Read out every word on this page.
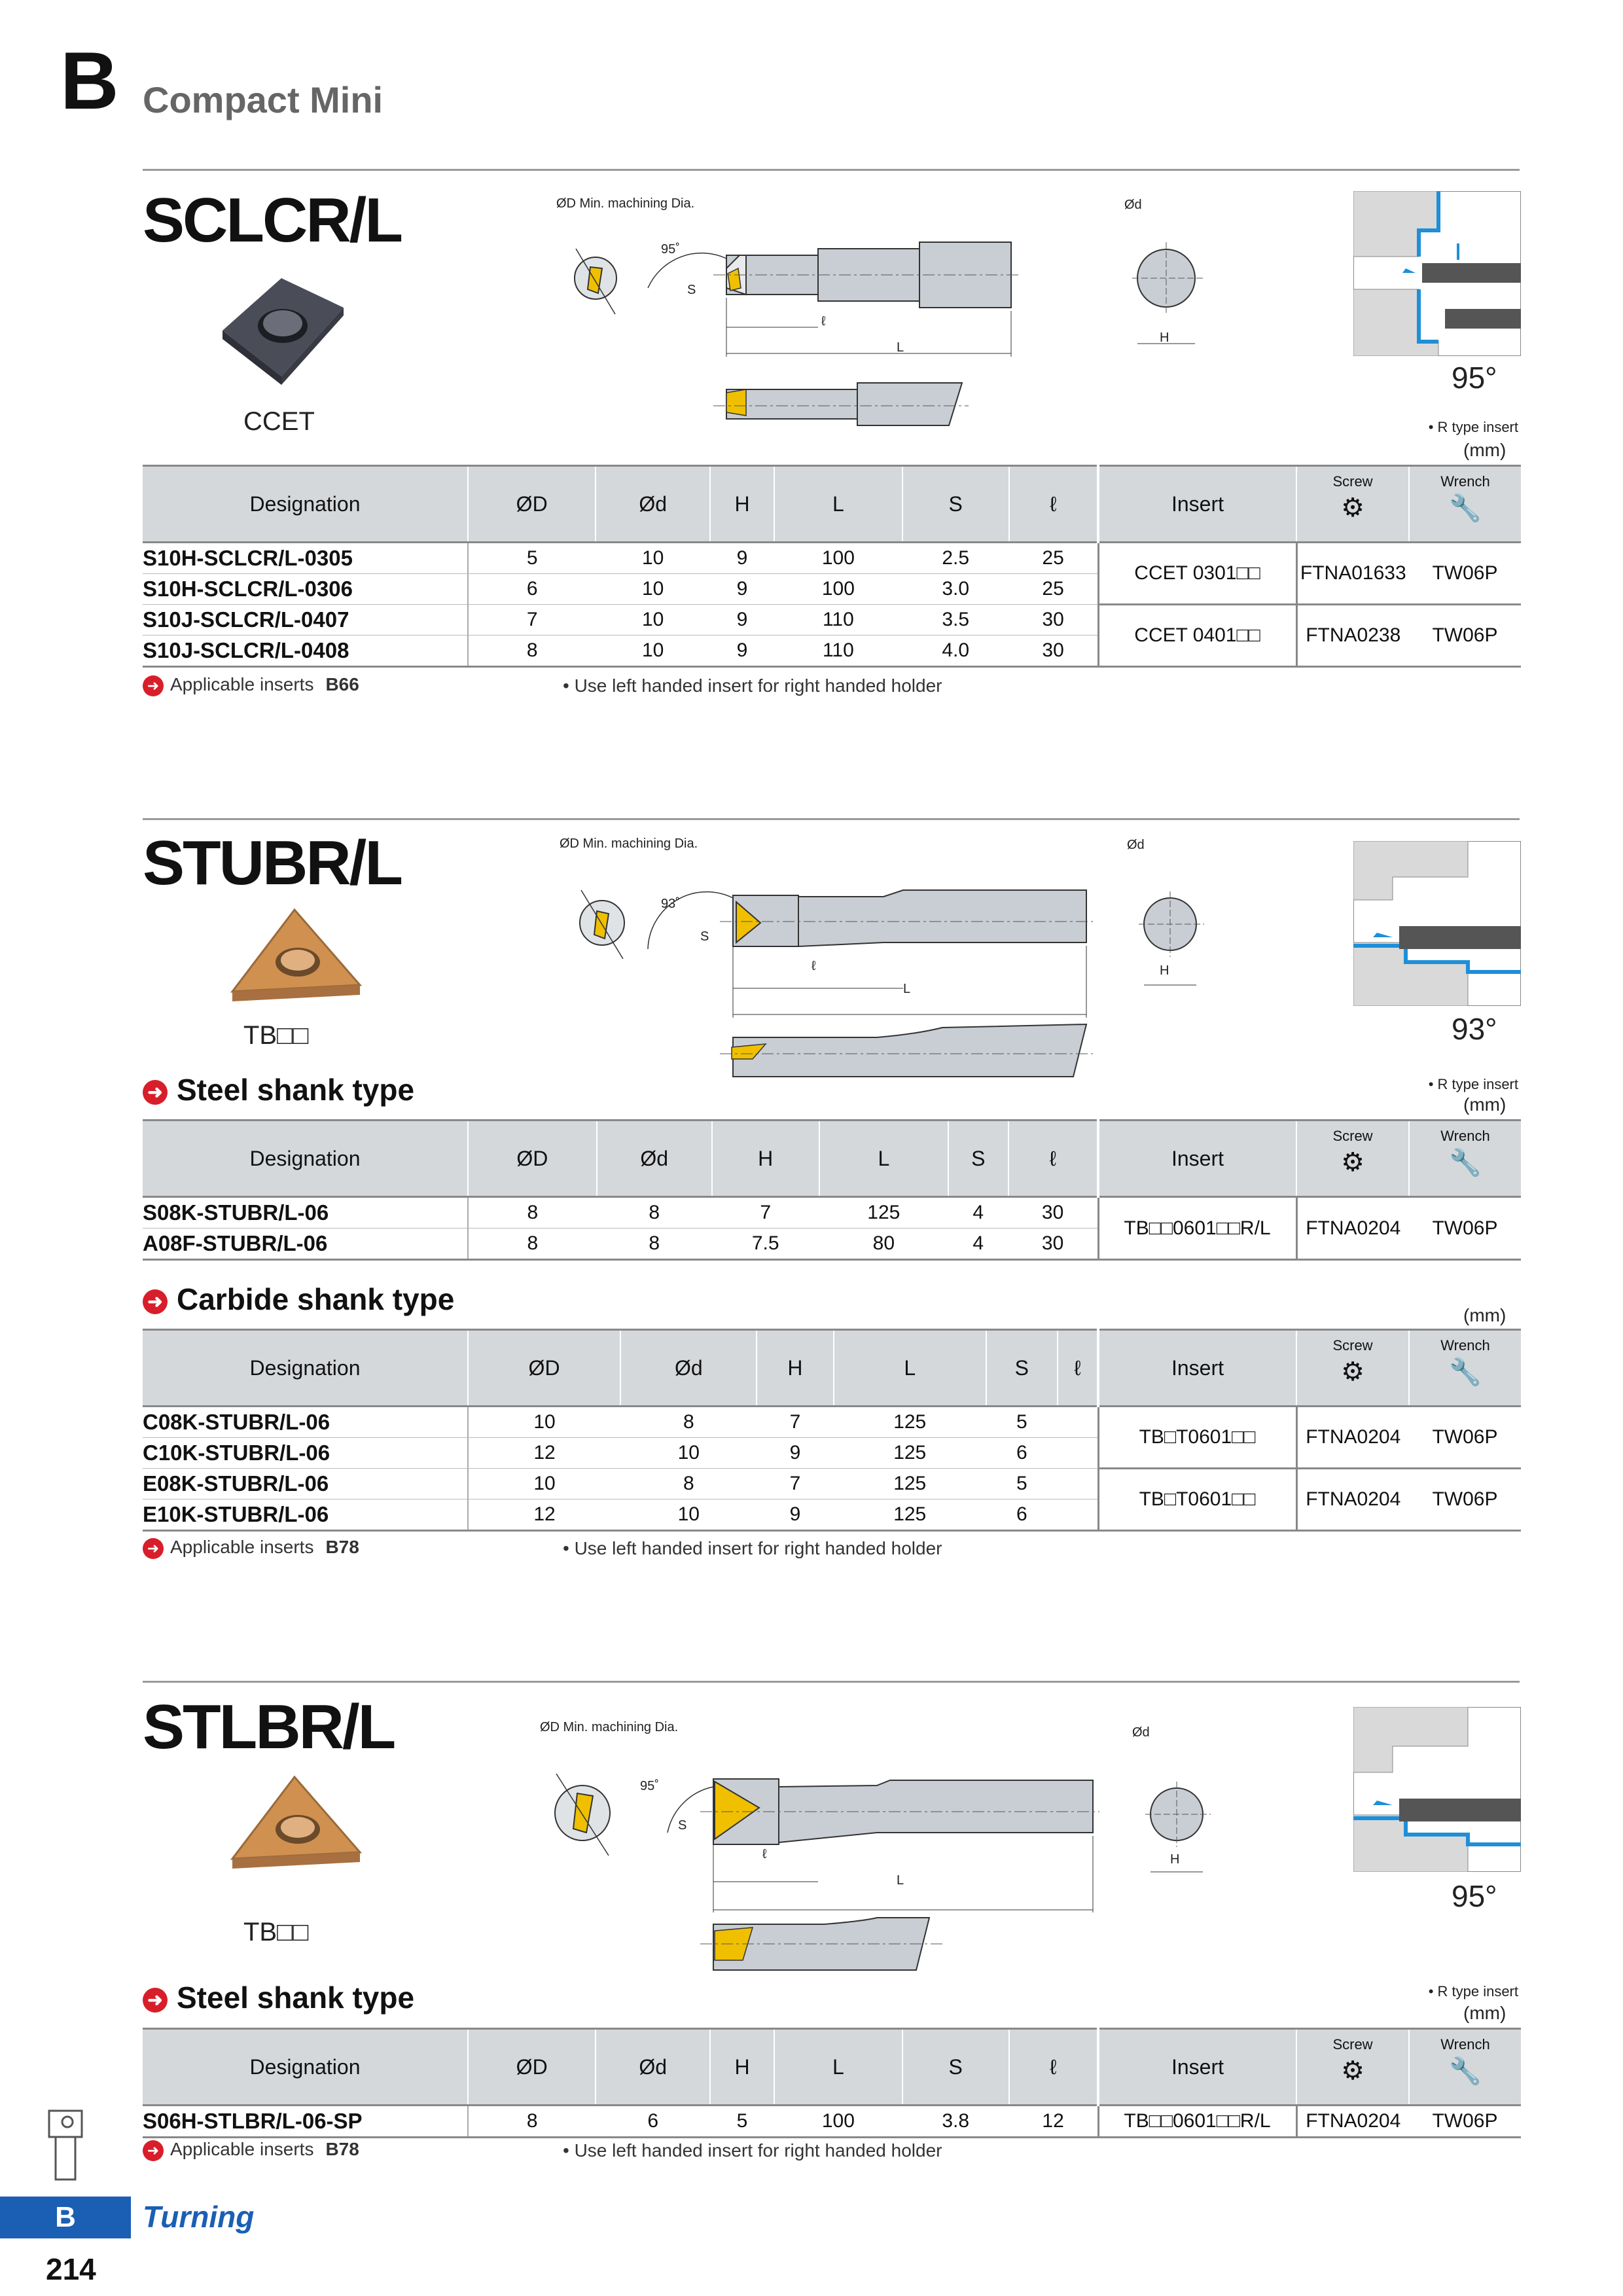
B Compact Mini
SCLCR/L
CCET
ØD Min. machining Dia.
95˚
S
ℓ
L
Ød
H
95°
• R type insert
(mm)
Designation	ØD	Ød	H	L	S	ℓ	Insert	Screw
⚙	Wrench
🔧

S10H-SCLCR/L-0305	5	10	9	100	2.5	25	CCET 0301□□	FTNA01633	TW06P
S10H-SCLCR/L-0306	6	10	9	100	3.0	25			
S10J-SCLCR/L-0407	7	10	9	110	3.5	30	CCET 0401□□	FTNA0238	TW06P
S10J-SCLCR/L-0408	8	10	9	110	4.0	30			
➜ Applicable inserts B66	• Use left handed insert for right handed holder
STUBR/L
TB□□
ØD Min. machining Dia.
93˚
S
ℓ
L
Ød
H
93°
➜ Steel shank type	• R type insert
(mm)
Designation	ØD	Ød	H	L	S	ℓ	Insert	Screw
⚙	Wrench
🔧

S08K-STUBR/L-06	8	8	7	125	4	30	TB□□0601□□R/L	FTNA0204	TW06P
A08F-STUBR/L-06	8	8	7.5	80	4	30			
➜ Carbide shank type	(mm)
Designation	ØD	Ød	H	L	S	ℓ	Insert	Screw
⚙	Wrench
🔧

C08K-STUBR/L-06	10	8	7	125	5		TB□T0601□□	FTNA0204	TW06P
C10K-STUBR/L-06	12	10	9	125	6				
E08K-STUBR/L-06	10	8	7	125	5		TB□T0601□□	FTNA0204	TW06P
E10K-STUBR/L-06	12	10	9	125	6				
➜ Applicable inserts B78	• Use left handed insert for right handed holder
STLBR/L
TB□□
ØD Min. machining Dia.
95˚
S
ℓ
L
Ød
H
95°
➜ Steel shank type	• R type insert
(mm)
Designation	ØD	Ød	H	L	S	ℓ	Insert	Screw
⚙	Wrench
🔧

S06H-STLBR/L-06-SP	8	6	5	100	3.8	12	TB□□0601□□R/L	FTNA0204	TW06P
➜ Applicable inserts B78	• Use left handed insert for right handed holder
B	Turning
214
